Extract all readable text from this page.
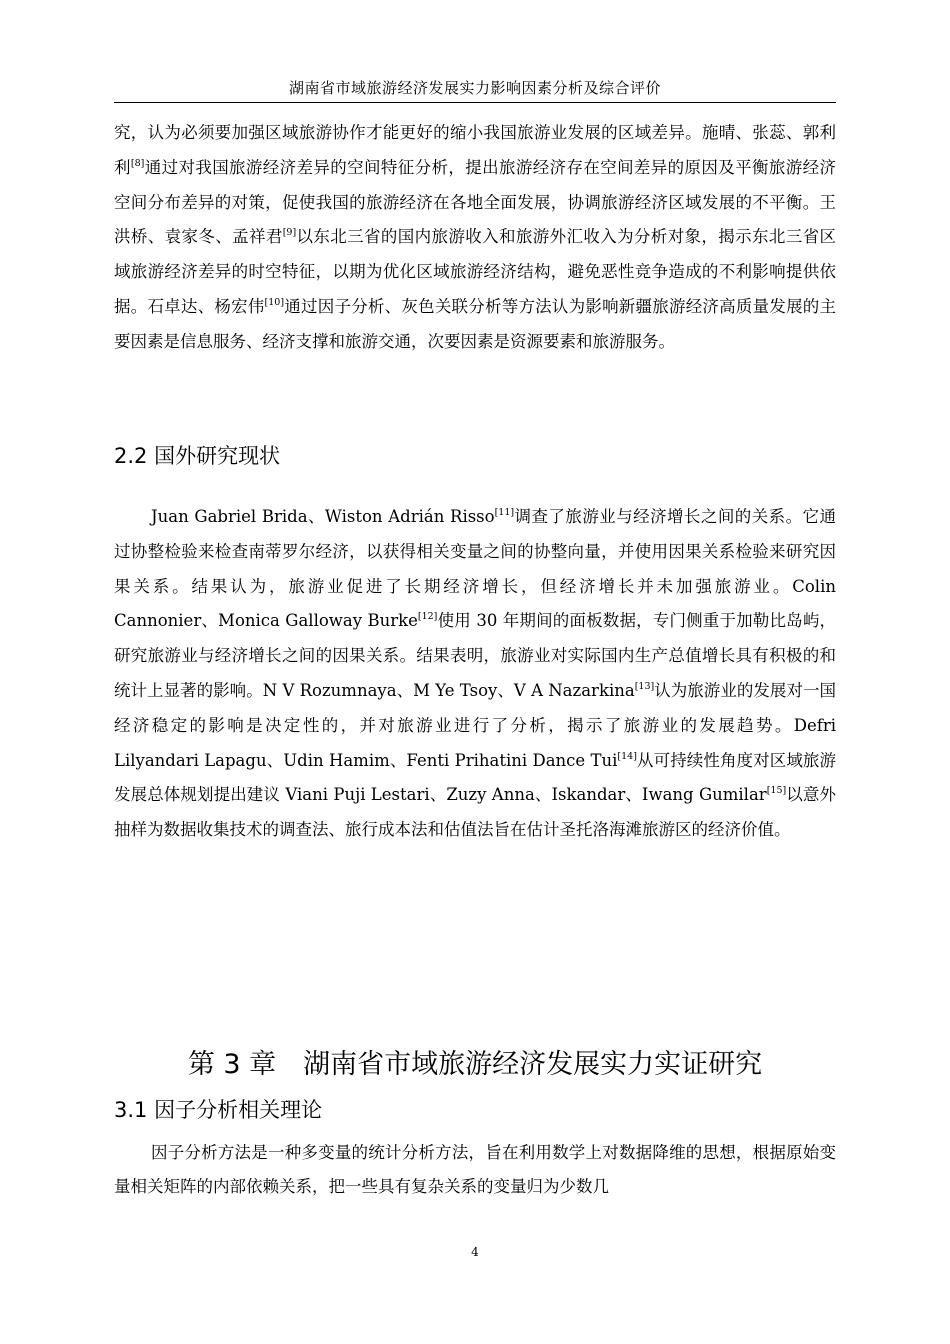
湖南省市域旅游经济发展实力影响因素分析及综合评价

究，认为必须要加强区域旅游协作才能更好的缩小我国旅游业发展的区域差异。施晴、张蕊、郭利利[8]通过对我国旅游经济差异的空间特征分析，提出旅游经济存在空间差异的原因及平衡旅游经济空间分布差异的对策，促使我国的旅游经济在各地全面发展，协调旅游经济区域发展的不平衡。王洪桥、袁家冬、孟祥君[9]以东北三省的国内旅游收入和旅游外汇收入为分析对象，揭示东北三省区域旅游经济差异的时空特征，以期为优化区域旅游经济结构，避免恶性竞争造成的不利影响提供依据。石卓达、杨宏伟[10]通过因子分析、灰色关联分析等方法认为影响新疆旅游经济高质量发展的主要因素是信息服务、经济支撑和旅游交通，次要因素是资源要素和旅游服务。

2.2 国外研究现状

Juan Gabriel Brida、Wiston Adrián Risso[11]调查了旅游业与经济增长之间的关系。它通过协整检验来检查南蒂罗尔经济，以获得相关变量之间的协整向量，并使用因果关系检验来研究因果关系。结果认为，旅游业促进了长期经济增长，但经济增长并未加强旅游业。Colin Cannonier、Monica Galloway Burke[12]使用 30 年期间的面板数据，专门侧重于加勒比岛屿，研究旅游业与经济增长之间的因果关系。结果表明，旅游业对实际国内生产总值增长具有积极的和统计上显著的影响。N V Rozumnaya、M Ye Tsoy、V A Nazarkina[13]认为旅游业的发展对一国经济稳定的影响是决定性的，并对旅游业进行了分析，揭示了旅游业的发展趋势。Defri Lilyandari Lapagu、Udin Hamim、Fenti Prihatini Dance Tui[14]从可持续性角度对区域旅游发展总体规划提出建议 Viani Puji Lestari、Zuzy Anna、Iskandar、Iwang Gumilar[15]以意外抽样为数据收集技术的调查法、旅行成本法和估值法旨在估计圣托洛海滩旅游区的经济价值。

第 3 章　湖南省市域旅游经济发展实力实证研究
3.1 因子分析相关理论

因子分析方法是一种多变量的统计分析方法，旨在利用数学上对数据降维的思想，根据原始变量相关矩阵的内部依赖关系，把一些具有复杂关系的变量归为少数几

4
